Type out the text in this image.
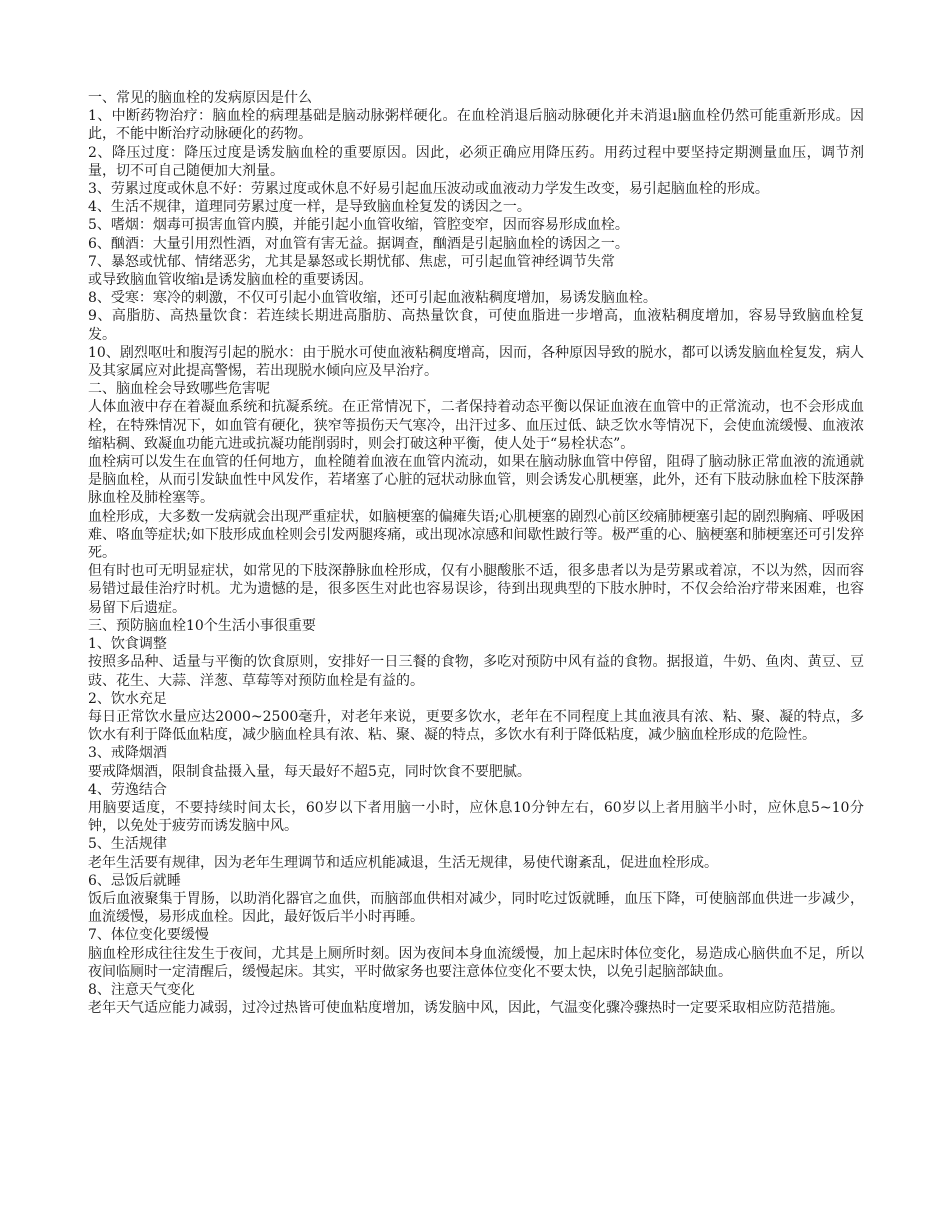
一、常见的脑血栓的发病原因是什么

1、中断药物治疗：脑血栓的病理基础是脑动脉粥样硬化。在血栓消退后脑动脉硬化并未消退ı脑血栓仍然可能重新形成。因此，不能中断治疗动脉硬化的药物。

2、降压过度：降压过度是诱发脑血栓的重要原因。因此，必须正确应用降压药。用药过程中要坚持定期测量血压，调节剂量，切不可自己随便加大剂量。

3、劳累过度或休息不好：劳累过度或休息不好易引起血压波动或血液动力学发生改变，易引起脑血栓的形成。

4、生活不规律，道理同劳累过度一样，是导致脑血栓复发的诱因之一。

5、嗜烟：烟毒可损害血管内膜，并能引起小血管收缩，管腔变窄，因而容易形成血栓。

6、酗酒：大量引用烈性酒，对血管有害无益。据调查，酗酒是引起脑血栓的诱因之一。

7、暴怒或忧郁、情绪恶劣，尤其是暴怒或长期忧郁、焦虑，可引起血管神经调节失常

或导致脑血管收缩ı是诱发脑血栓的重要诱因。

8、受寒：寒冷的刺激，不仅可引起小血管收缩，还可引起血液粘稠度增加，易诱发脑血栓。

9、高脂肪、高热量饮食：若连续长期进高脂肪、高热量饮食，可使血脂进一步增高，血液粘稠度增加，容易导致脑血栓复发。

10、剧烈呕吐和腹泻引起的脱水：由于脱水可使血液粘稠度增高，因而，各种原因导致的脱水，都可以诱发脑血栓复发，病人及其家属应对此提高警惕，若出现脱水倾向应及早治疗。

二、脑血栓会导致哪些危害呢

人体血液中存在着凝血系统和抗凝系统。在正常情况下，二者保持着动态平衡以保证血液在血管中的正常流动，也不会形成血栓，在特殊情况下，如血管有硬化，狭窄等损伤天气寒冷，出汗过多、血压过低、缺乏饮水等情况下，会使血流缓慢、血液浓缩粘稠、致凝血功能亢进或抗凝功能削弱时，则会打破这种平衡，使人处于“易栓状态”。

血栓病可以发生在血管的任何地方，血栓随着血液在血管内流动，如果在脑动脉血管中停留，阻碍了脑动脉正常血液的流通就是脑血栓，从而引发缺血性中风发作，若堵塞了心脏的冠状动脉血管，则会诱发心肌梗塞，此外，还有下肢动脉血栓下肢深静脉血栓及肺栓塞等。

血栓形成，大多数一发病就会出现严重症状，如脑梗塞的偏瘫失语;心肌梗塞的剧烈心前区绞痛肺梗塞引起的剧烈胸痛、呼吸困难、咯血等症状;如下肢形成血栓则会引发两腿疼痛，或出现冰凉感和间歇性跛行等。极严重的心、脑梗塞和肺梗塞还可引发猝死。

但有时也可无明显症状，如常见的下肢深静脉血栓形成，仅有小腿酸胀不适，很多患者以为是劳累或着凉，不以为然，因而容易错过最佳治疗时机。尤为遗憾的是，很多医生对此也容易误诊，待到出现典型的下肢水肿时，不仅会给治疗带来困难，也容易留下后遗症。

三、预防脑血栓10个生活小事很重要

1、饮食调整

按照多品种、适量与平衡的饮食原则，安排好一日三餐的食物，多吃对预防中风有益的食物。据报道，牛奶、鱼肉、黄豆、豆豉、花生、大蒜、洋葱、草莓等对预防血栓是有益的。

2、饮水充足

每日正常饮水量应达2000~2500毫升，对老年来说，更要多饮水，老年在不同程度上其血液具有浓、粘、聚、凝的特点，多饮水有利于降低血粘度，减少脑血栓具有浓、粘、聚、凝的特点，多饮水有利于降低粘度，减少脑血栓形成的危险性。

3、戒降烟酒

要戒降烟酒，限制食盐摄入量，每天最好不超5克，同时饮食不要肥腻。

4、劳逸结合

用脑要适度，不要持续时间太长，60岁以下者用脑一小时，应休息10分钟左右，60岁以上者用脑半小时，应休息5~10分钟，以免处于疲劳而诱发脑中风。

5、生活规律

老年生活要有规律，因为老年生理调节和适应机能减退，生活无规律，易使代谢紊乱，促进血栓形成。

6、忌饭后就睡

饭后血液聚集于胃肠，以助消化器官之血供，而脑部血供相对减少，同时吃过饭就睡，血压下降，可使脑部血供进一步减少，血流缓慢，易形成血栓。因此，最好饭后半小时再睡。

7、体位变化要缓慢

脑血栓形成往往发生于夜间，尤其是上厕所时刻。因为夜间本身血流缓慢，加上起床时体位变化，易造成心脑供血不足，所以夜间临厕时一定清醒后，缓慢起床。其实，平时做家务也要注意体位变化不要太快，以免引起脑部缺血。

8、注意天气变化

老年天气适应能力减弱，过冷过热皆可使血粘度增加，诱发脑中风，因此，气温变化骤冷骤热时一定要采取相应防范措施。
